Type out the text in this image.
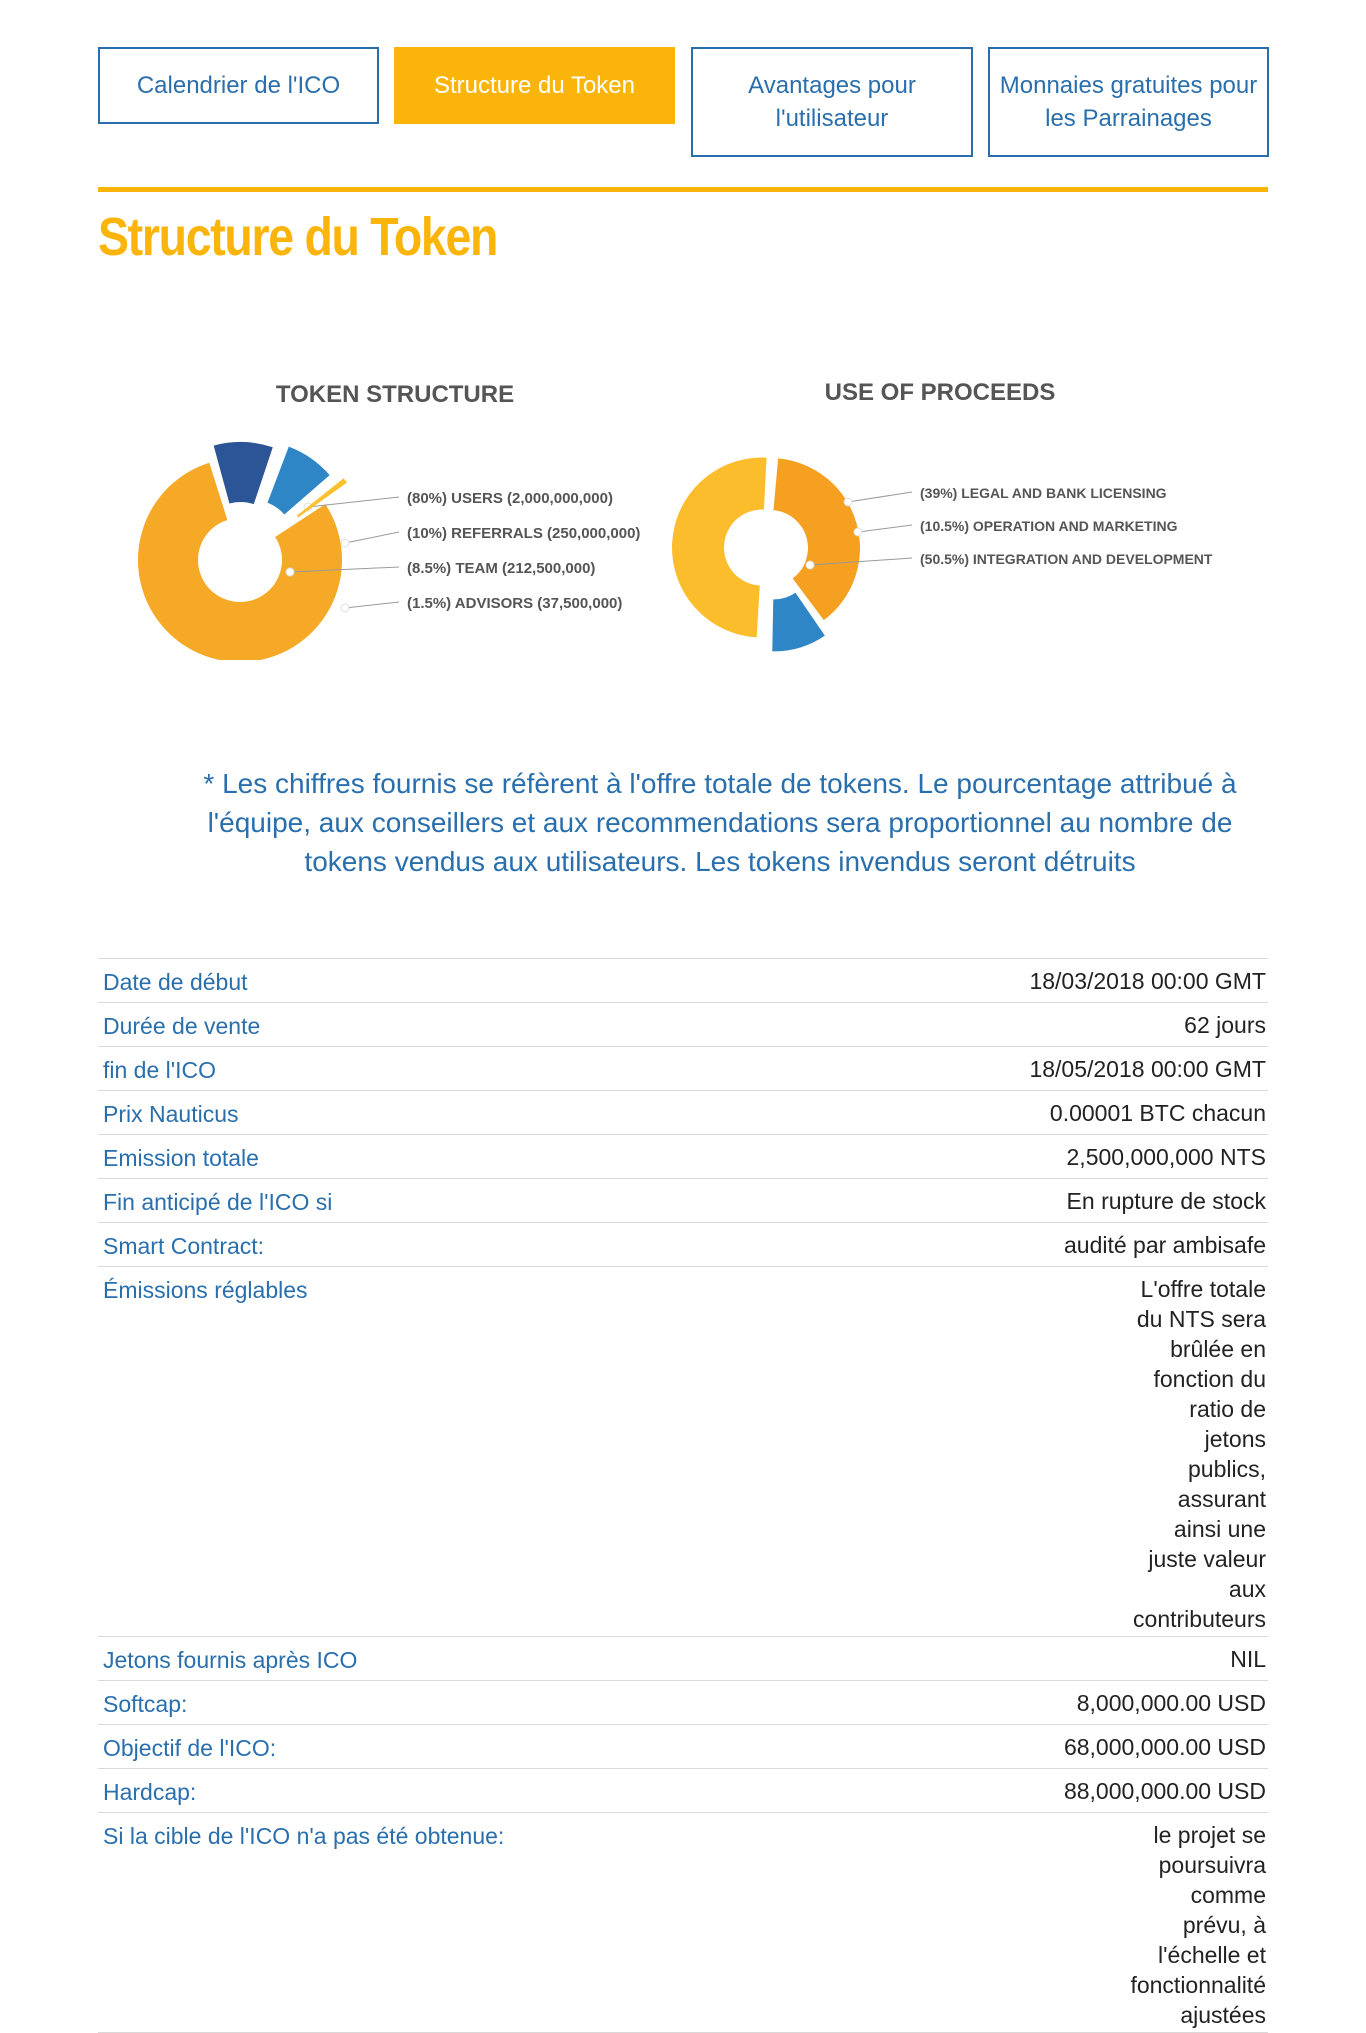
Calendrier de l'ICO	Structure du Token	Avantages pour l'utilisateur
Monnaies gratuites pour les Parrainages
Structure du Token
TOKEN STRUCTURE
(80%) USERS (2,000,000,000)
(10%) REFERRALS (250,000,000)
(8.5%) TEAM (212,500,000)
(1.5%) ADVISORS (37,500,000)
USE OF PROCEEDS
(39%) LEGAL AND BANK LICENSING
(10.5%) OPERATION AND MARKETING
(50.5%) INTEGRATION AND DEVELOPMENT

* Les chiffres fournis se réfèrent à l'offre totale de tokens. Le pourcentage attribué à l'équipe, aux conseillers et aux recommendations sera proportionnel au nombre de tokens vendus aux utilisateurs. Les tokens invendus seront détruits

Date de début	18/03/2018 00:00 GMT
Durée de vente	62 jours
fin de l'ICO	18/05/2018 00:00 GMT
Prix Nauticus	0.00001 BTC chacun
Emission totale	2,500,000,000 NTS
Fin anticipé de l'ICO si	En rupture de stock
Smart Contract:	audité par ambisafe
Émissions réglables	L'offre totale du NTS sera brûlée en fonction du ratio de jetons publics, assurant ainsi une juste valeur aux contributeurs
Jetons fournis après ICO	NIL
Softcap:	8,000,000.00 USD
Objectif de l'ICO:	68,000,000.00 USD
Hardcap:	88,000,000.00 USD
Si la cible de l'ICO n'a pas été obtenue:	le projet se poursuivra comme prévu, à l'échelle et fonctionnalité ajustées
